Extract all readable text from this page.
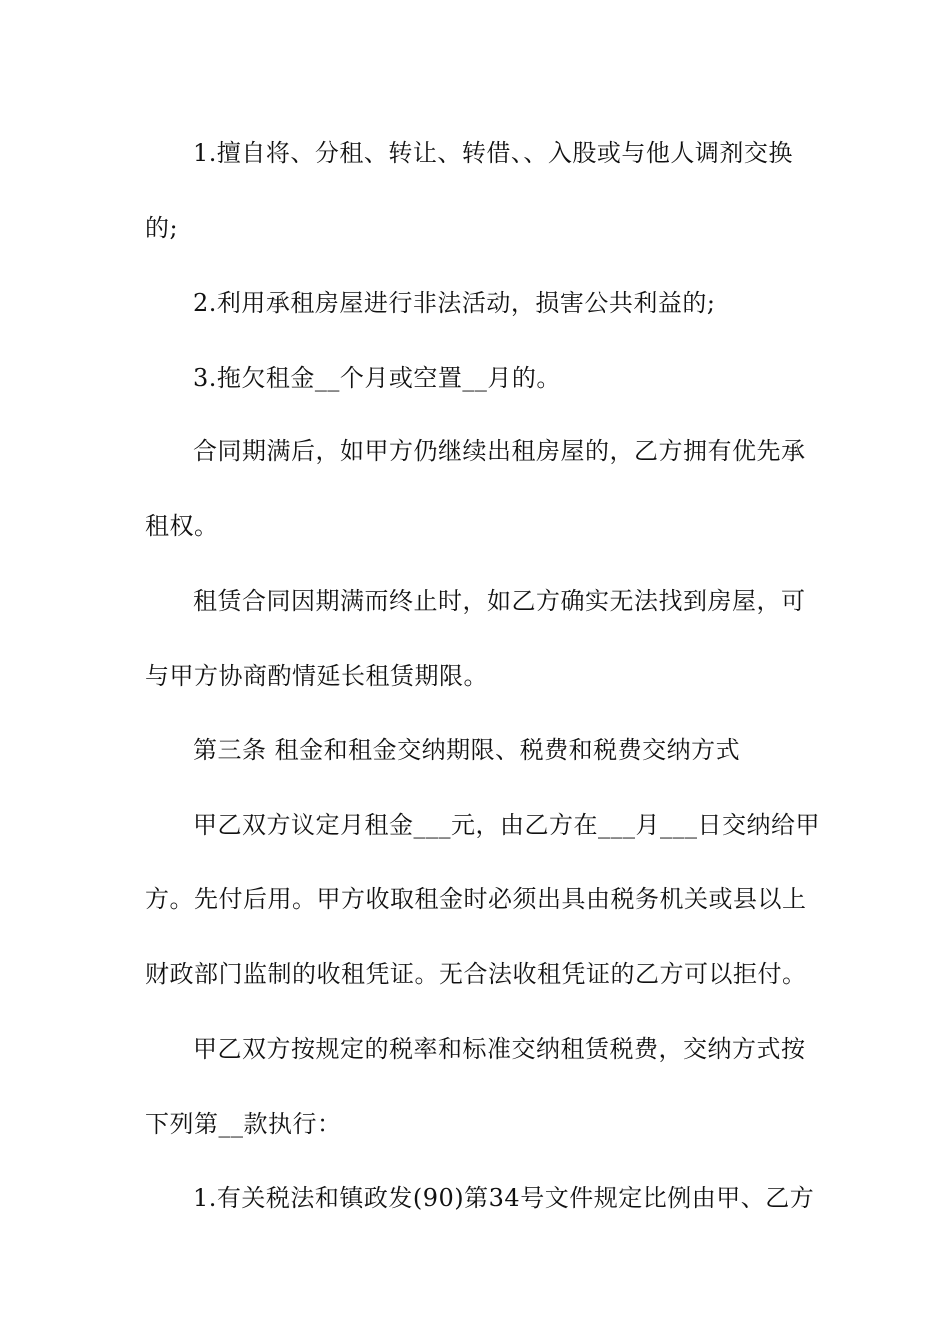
1.擅自将、分租、转让、转借、、入股或与他人调剂交换
的;
2.利用承租房屋进行非法活动，损害公共利益的;
3.拖欠租金__个月或空置__月的。
合同期满后，如甲方仍继续出租房屋的，乙方拥有优先承
租权。
租赁合同因期满而终止时，如乙方确实无法找到房屋，可
与甲方协商酌情延长租赁期限。
第三条 租金和租金交纳期限、税费和税费交纳方式
甲乙双方议定月租金___元，由乙方在___月___日交纳给甲
方。先付后用。甲方收取租金时必须出具由税务机关或县以上
财政部门监制的收租凭证。无合法收租凭证的乙方可以拒付。
甲乙双方按规定的税率和标准交纳租赁税费，交纳方式按
下列第__款执行：
1.有关税法和镇政发(90)第34号文件规定比例由甲、乙方
